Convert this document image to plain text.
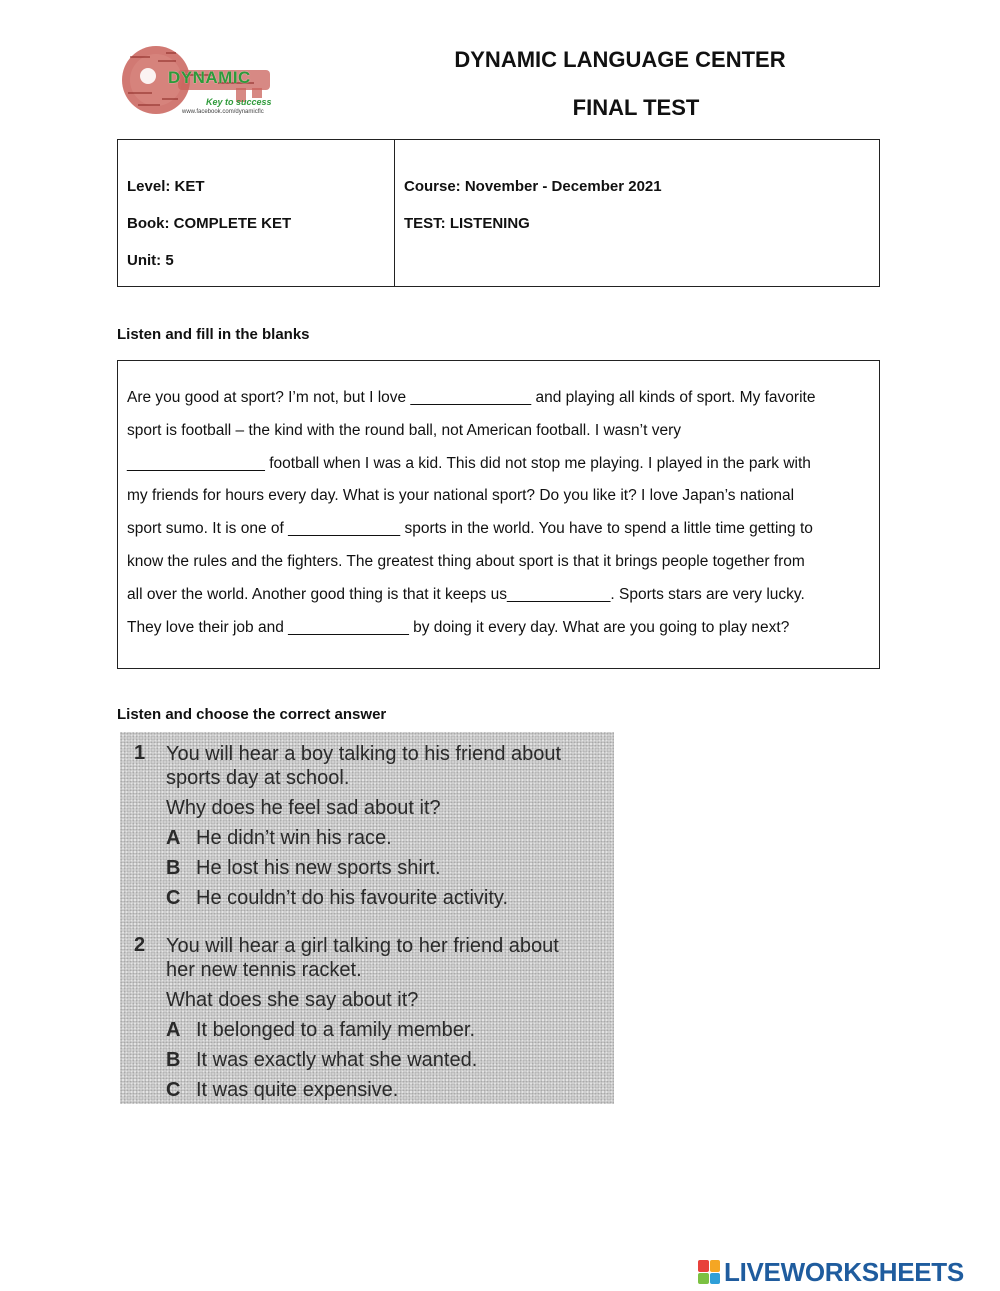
DYNAMIC
Key to success
www.facebook.com/dynamicflc
DYNAMIC LANGUAGE CENTER
FINAL TEST
Level: KET
Book: COMPLETE KET
Unit: 5
Course: November - December 2021
TEST: LISTENING
Listen and fill in the blanks
Are you good at sport? I’m not, but I love ______________ and playing all kinds of sport. My favorite
sport is football – the kind with the round ball, not American football. I wasn’t very
________________ football when I was a kid. This did not stop me playing. I played in the park with
my friends for hours every day. What is your national sport? Do you like it? I love Japan’s national
sport sumo. It is one of _____________ sports in the world. You have to spend a little time getting to
know the rules and the fighters. The greatest thing about sport is that it brings people together from
all over the world. Another good thing is that it keeps us____________. Sports stars are very lucky.
They love their job and ______________ by doing it every day. What are you going to play next?
Listen and choose the correct answer
1 You will hear a boy talking to his friend about
sports day at school.
Why does he feel sad about it?
A He didn’t win his race.
B He lost his new sports shirt.
C He couldn’t do his favourite activity.
2 You will hear a girl talking to her friend about
her new tennis racket.
What does she say about it?
A It belonged to a family member.
B It was exactly what she wanted.
C It was quite expensive.
LIVEWORKSHEETS
